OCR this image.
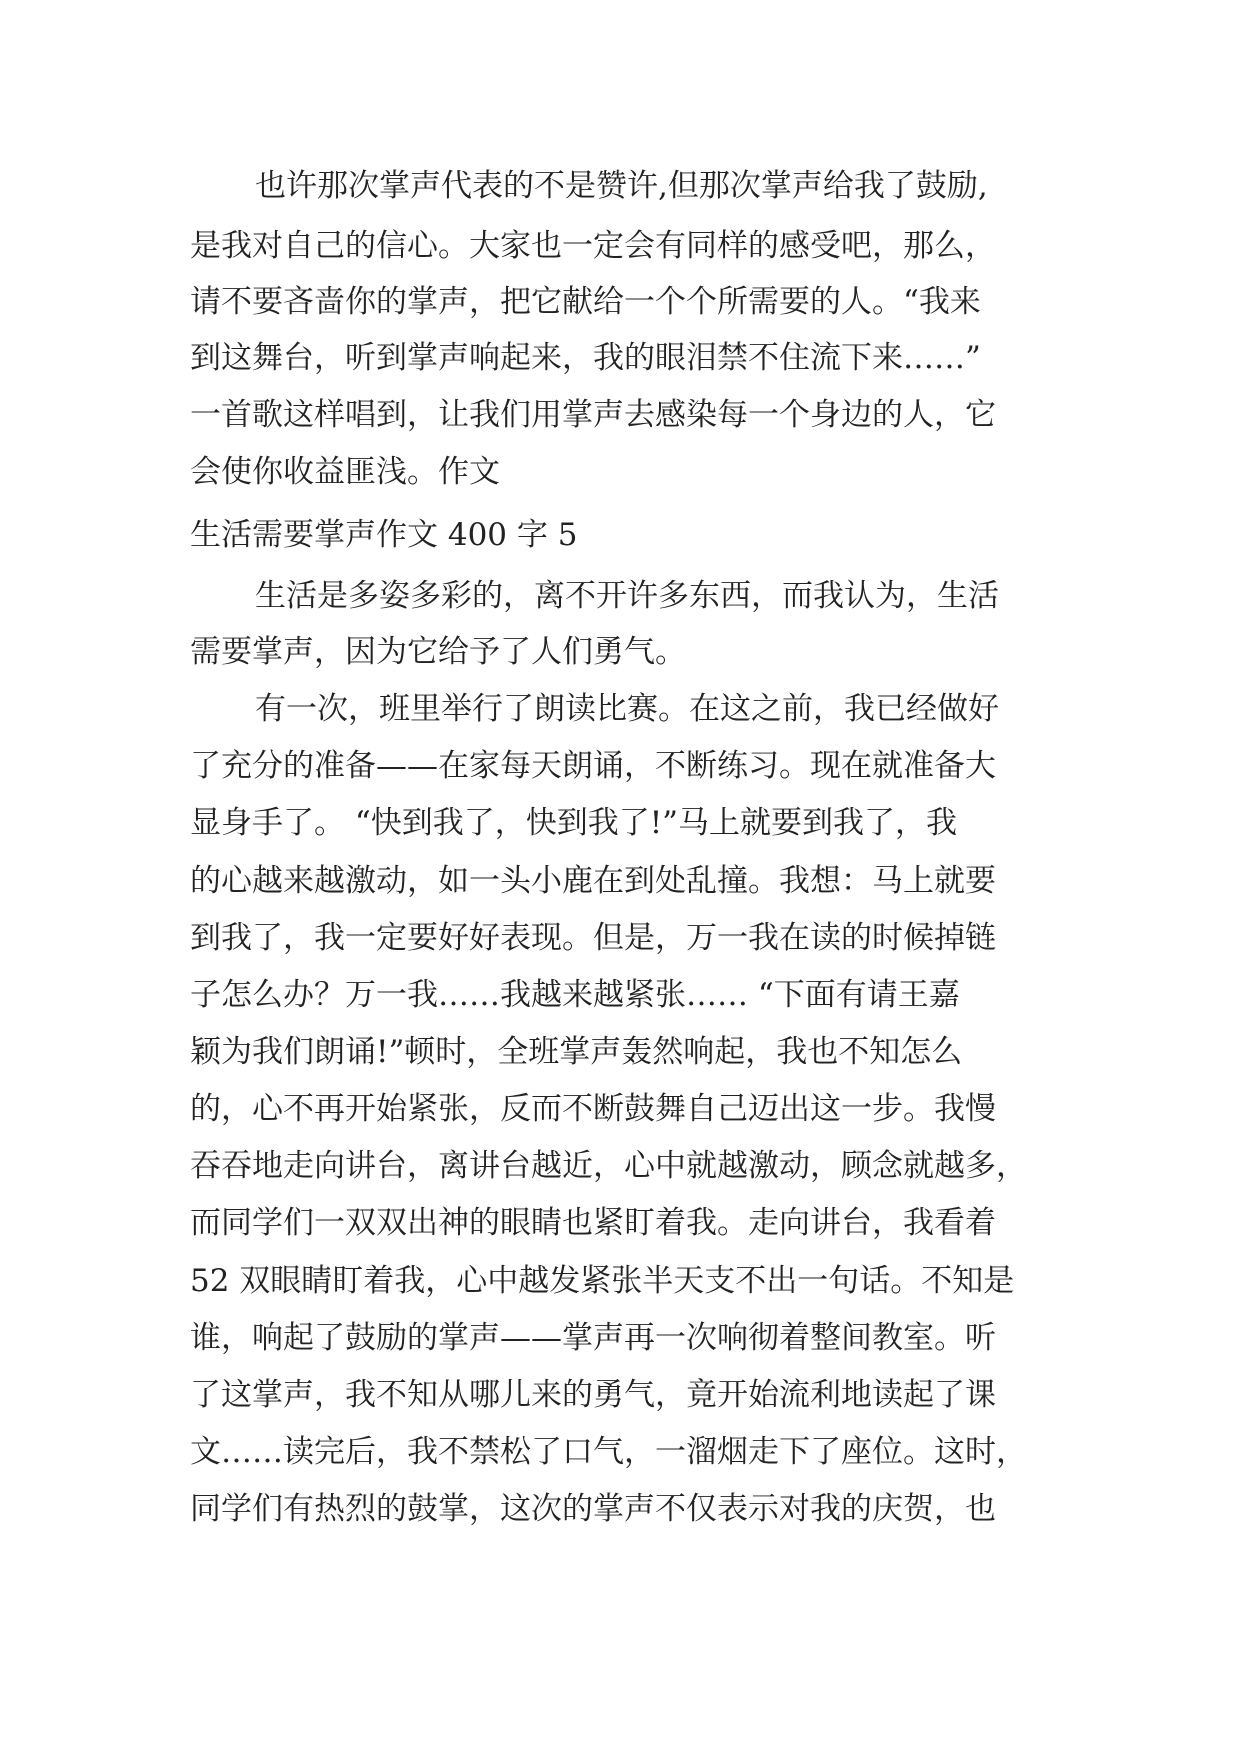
也许那次掌声代表的不是赞许,但那次掌声给我了鼓励,

是我对自己的信心。大家也一定会有同样的感受吧，那么，

请不要吝啬你的掌声，把它献给一个个所需要的人。“我来

到这舞台，听到掌声响起来，我的眼泪禁不住流下来……”

一首歌这样唱到，让我们用掌声去感染每一个身边的人，它

会使你收益匪浅。作文

生活需要掌声作文 400 字 5

生活是多姿多彩的，离不开许多东西，而我认为，生活

需要掌声，因为它给予了人们勇气。

有一次，班里举行了朗读比赛。在这之前，我已经做好

了充分的准备——在家每天朗诵，不断练习。现在就准备大

显身手了。 “快到我了，快到我了!”马上就要到我了，我

的心越来越激动，如一头小鹿在到处乱撞。我想：马上就要

到我了，我一定要好好表现。但是，万一我在读的时候掉链

子怎么办？万一我……我越来越紧张…… “下面有请王嘉

颖为我们朗诵!”顿时，全班掌声轰然响起，我也不知怎么

的，心不再开始紧张，反而不断鼓舞自己迈出这一步。我慢

吞吞地走向讲台，离讲台越近，心中就越激动，顾念就越多，

而同学们一双双出神的眼睛也紧盯着我。走向讲台，我看着

52 双眼睛盯着我，心中越发紧张半天支不出一句话。不知是

谁，响起了鼓励的掌声——掌声再一次响彻着整间教室。听

了这掌声，我不知从哪儿来的勇气，竟开始流利地读起了课

文……读完后，我不禁松了口气，一溜烟走下了座位。这时，

同学们有热烈的鼓掌，这次的掌声不仅表示对我的庆贺，也
